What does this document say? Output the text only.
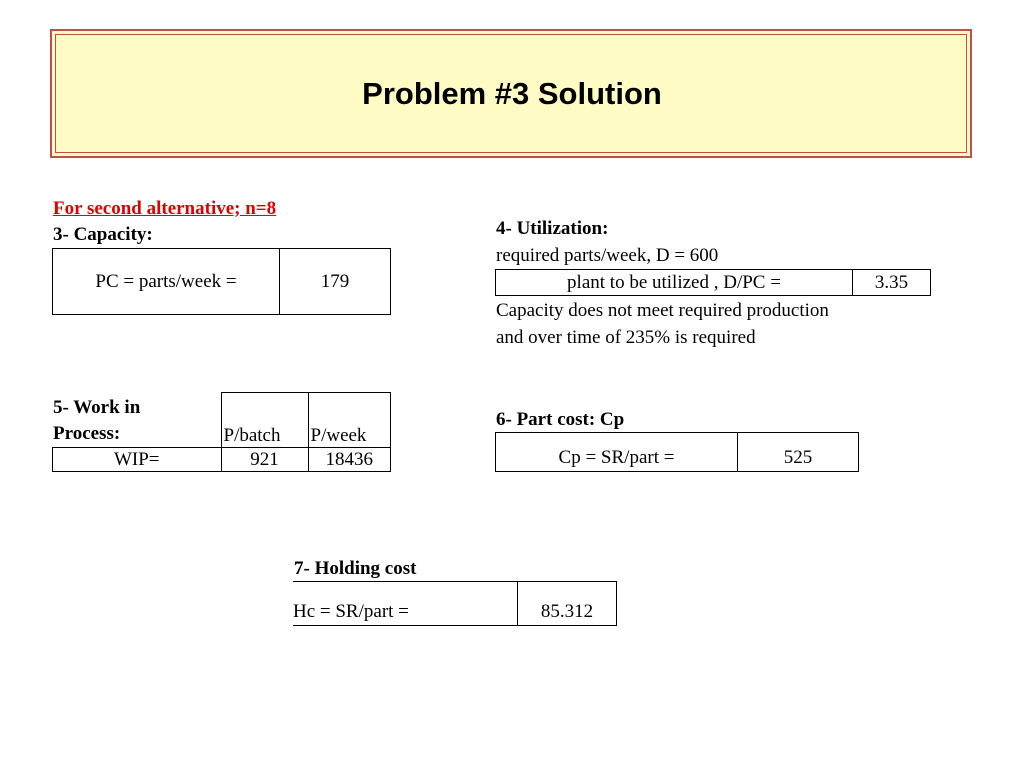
Problem #3 Solution
For second alternative; n=8
3- Capacity:
PC = parts/week =	179
5- Work in
Process:
		P/batch	P/week
WIP=	921	18436
4- Utilization:
required parts/week, D = 600
plant to be utilized , D/PC =	3.35
Capacity does not meet required production and over time of 235% is required
6- Part cost: Cp
Cp = SR/part =	525
7- Holding cost
Hc = SR/part =	85.312
